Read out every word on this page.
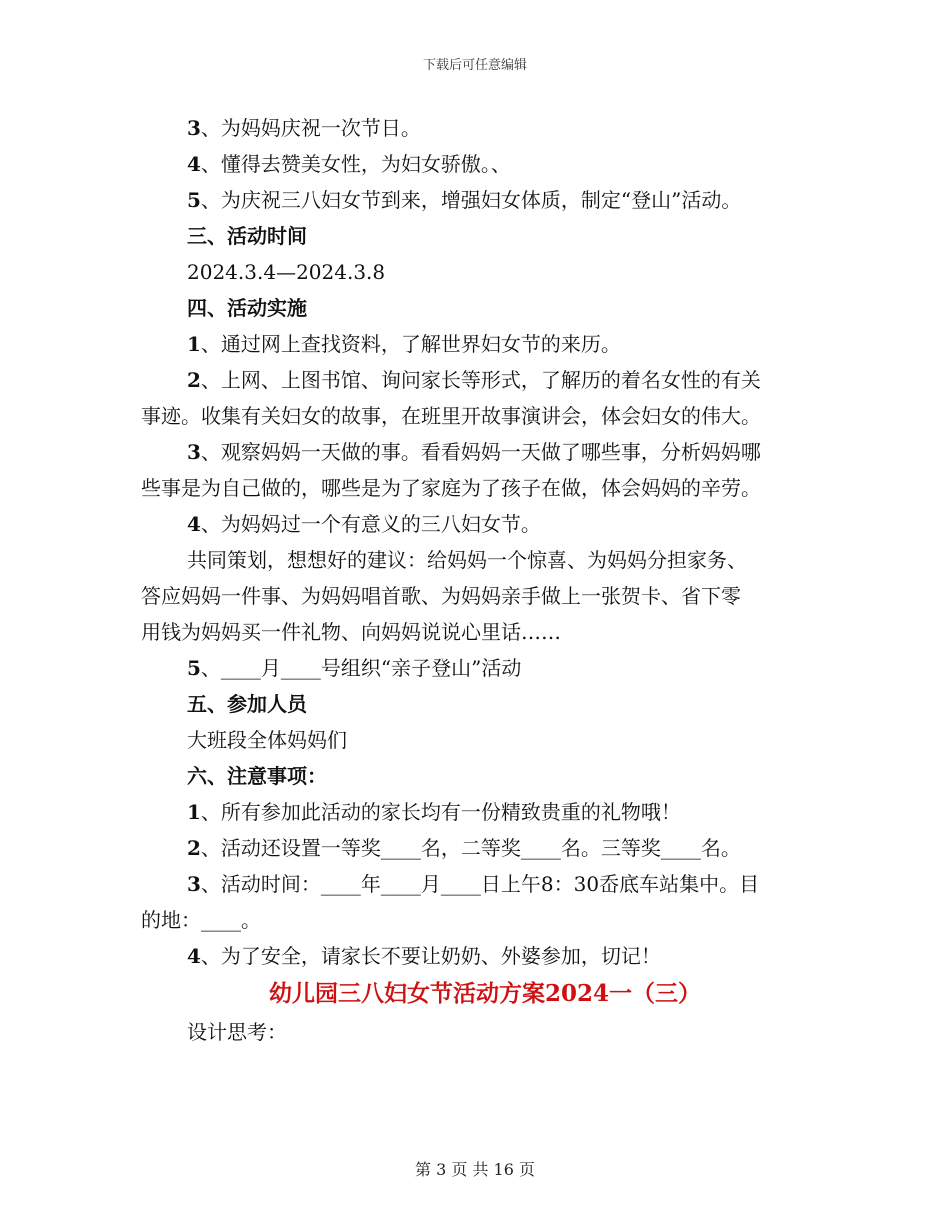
下载后可任意编辑

3、为妈妈庆祝一次节日。

4、懂得去赞美女性，为妇女骄傲。、

5、为庆祝三八妇女节到来，增强妇女体质，制定“登山”活动。

三、活动时间

2024.3.4—2024.3.8

四、活动实施

1、通过网上查找资料，了解世界妇女节的来历。

2、上网、上图书馆、询问家长等形式，了解历的着名女性的有关

事迹。收集有关妇女的故事，在班里开故事演讲会，体会妇女的伟大。

3、观察妈妈一天做的事。看看妈妈一天做了哪些事，分析妈妈哪

些事是为自己做的，哪些是为了家庭为了孩子在做，体会妈妈的辛劳。

4、为妈妈过一个有意义的三八妇女节。

共同策划，想想好的建议：给妈妈一个惊喜、为妈妈分担家务、

答应妈妈一件事、为妈妈唱首歌、为妈妈亲手做上一张贺卡、省下零

用钱为妈妈买一件礼物、向妈妈说说心里话……

5、____月____号组织“亲子登山”活动

五、参加人员

大班段全体妈妈们

六、注意事项：

1、所有参加此活动的家长均有一份精致贵重的礼物哦！

2、活动还设置一等奖____名，二等奖____名。三等奖____名。

3、活动时间：____年____月____日上午8：30岙底车站集中。目

的地：____。

4、为了安全，请家长不要让奶奶、外婆参加，切记！

幼儿园三八妇女节活动方案2024一（三）

设计思考：

第 3 页 共 16 页
